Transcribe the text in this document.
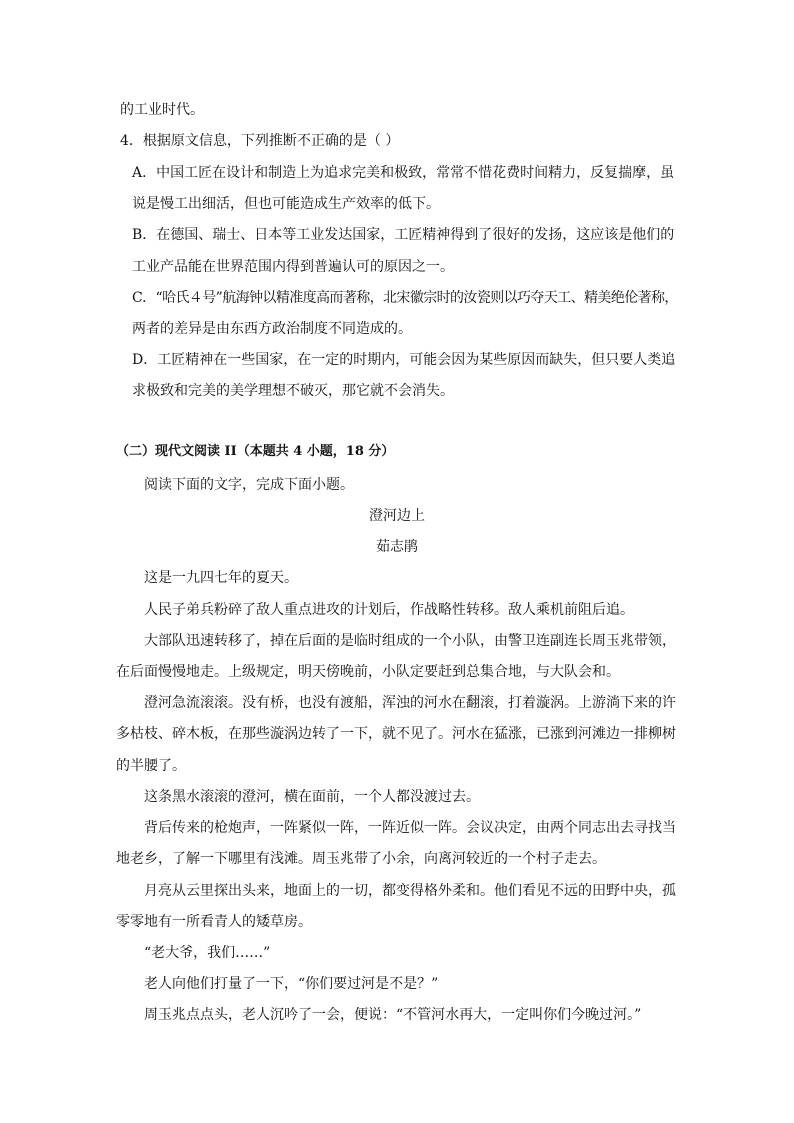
的工业时代。
4．根据原文信息，下列推断不正确的是（ ）
A．中国工匠在设计和制造上为追求完美和极致，常常不惜花费时间精力，反复揣摩，虽
说是慢工出细活，但也可能造成生产效率的低下。
B．在德国、瑞士、日本等工业发达国家，工匠精神得到了很好的发扬，这应该是他们的
工业产品能在世界范围内得到普遍认可的原因之一。
C．“哈氏４号”航海钟以精准度高而著称，北宋徽宗时的汝瓷则以巧夺天工、精美绝伦著称，
两者的差异是由东西方政治制度不同造成的。
D．工匠精神在一些国家，在一定的时期内，可能会因为某些原因而缺失，但只要人类追
求极致和完美的美学理想不破灭，那它就不会消失。
（二）现代文阅读 II（本题共 4 小题，18 分）
阅读下面的文字，完成下面小题。
澄河边上
茹志鹃
这是一九四七年的夏天。
人民子弟兵粉碎了敌人重点进攻的计划后，作战略性转移。敌人乘机前阻后追。
大部队迅速转移了，掉在后面的是临时组成的一个小队，由警卫连副连长周玉兆带领，
在后面慢慢地走。上级规定，明天傍晚前，小队定要赶到总集合地，与大队会和。
澄河急流滚滚。没有桥，也没有渡船，浑浊的河水在翻滚，打着漩涡。上游淌下来的许
多枯枝、碎木板，在那些漩涡边转了一下，就不见了。河水在猛涨，已涨到河滩边一排柳树
的半腰了。
这条黑水滚滚的澄河，横在面前，一个人都没渡过去。
背后传来的枪炮声，一阵紧似一阵，一阵近似一阵。会议决定，由两个同志出去寻找当
地老乡，了解一下哪里有浅滩。周玉兆带了小余，向离河较近的一个村子走去。
月亮从云里探出头来，地面上的一切，都变得格外柔和。他们看见不远的田野中央，孤
零零地有一所看青人的矮草房。
“老大爷，我们……”
老人向他们打量了一下，“你们要过河是不是？”
周玉兆点点头，老人沉吟了一会，便说：“不管河水再大，一定叫你们今晚过河。”
